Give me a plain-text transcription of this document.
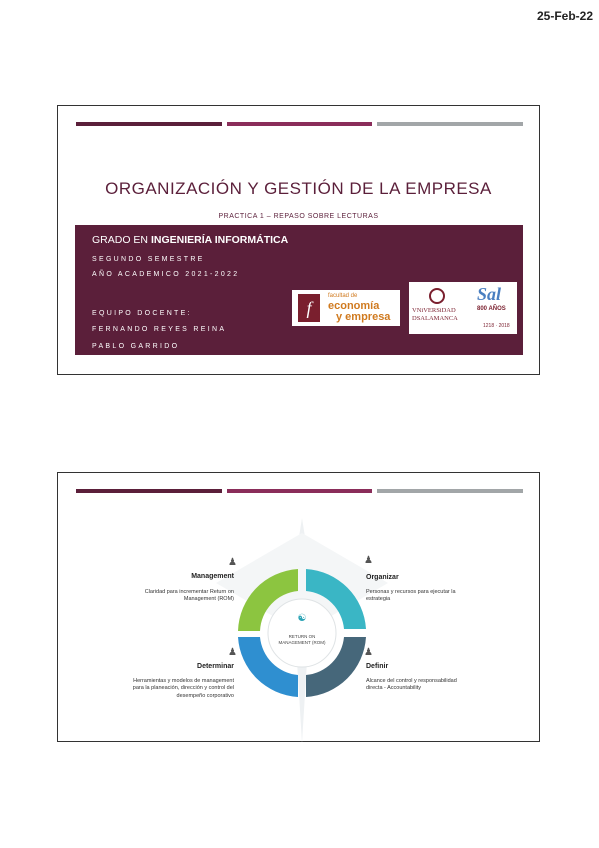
25-Feb-22
ORGANIZACIÓN Y GESTIÓN DE LA EMPRESA
PRACTICA 1 – REPASO SOBRE LECTURAS
GRADO EN INGENIERÍA INFORMÁTICA
SEGUNDO SEMESTRE
AÑO ACADEMICO 2021-2022
EQUIPO DOCENTE:
FERNANDO REYES REINA
PABLO GARRIDO
f
facultad de
economía
y empresa
VNiVERSiDAD
DSALAMANCA
Sal
800 AÑOS
1218 · 2018
☯
RETURN ON
MANAGEMENT (ROM)
♟
Management
Claridad para incrementar Return on
Management (ROM)
♟
Organizar
Personas y recursos para ejecutar la
estrategia
♟
Determinar
Herramientas y modelos de management
para la planeación, dirección y control del
desempeño corporativo
♟
Definir
Alcance del control y responsabilidad
directa - Accountability
